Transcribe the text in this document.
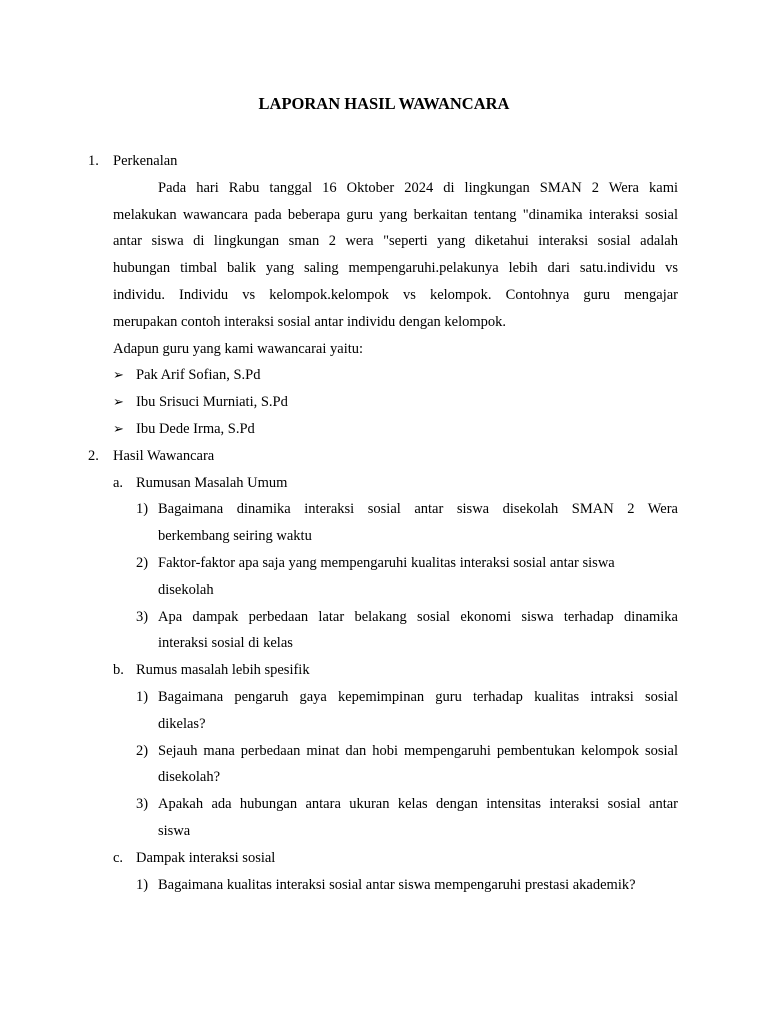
LAPORAN HASIL WAWANCARA
1. Perkenalan
Pada hari Rabu tanggal 16 Oktober 2024 di lingkungan SMAN 2 Wera kami
melakukan wawancara pada beberapa guru yang berkaitan tentang "dinamika interaksi sosial
antar siswa di lingkungan sman 2 wera "seperti yang diketahui interaksi sosial adalah
hubungan timbal balik yang saling mempengaruhi.pelakunya lebih dari satu.individu vs
individu. Individu vs kelompok.kelompok vs kelompok. Contohnya guru mengajar
merupakan contoh interaksi sosial antar individu dengan kelompok.
Adapun guru yang kami wawancarai yaitu:
➢ Pak Arif Sofian, S.Pd
➢ Ibu Srisuci Murniati, S.Pd
➢ Ibu Dede Irma, S.Pd
2. Hasil Wawancara
a. Rumusan Masalah Umum
1) Bagaimana dinamika interaksi sosial antar siswa disekolah SMAN 2 Wera
berkembang seiring waktu
2) Faktor-faktor apa saja yang mempengaruhi kualitas interaksi sosial antar siswa
disekolah
3) Apa dampak perbedaan latar belakang sosial ekonomi siswa terhadap dinamika
interaksi sosial di kelas
b. Rumus masalah lebih spesifik
1) Bagaimana pengaruh gaya kepemimpinan guru terhadap kualitas intraksi sosial
dikelas?
2) Sejauh mana perbedaan minat dan hobi mempengaruhi pembentukan kelompok sosial
disekolah?
3) Apakah ada hubungan antara ukuran kelas dengan intensitas interaksi sosial antar
siswa
c. Dampak interaksi sosial
1) Bagaimana kualitas interaksi sosial antar siswa mempengaruhi prestasi akademik?
